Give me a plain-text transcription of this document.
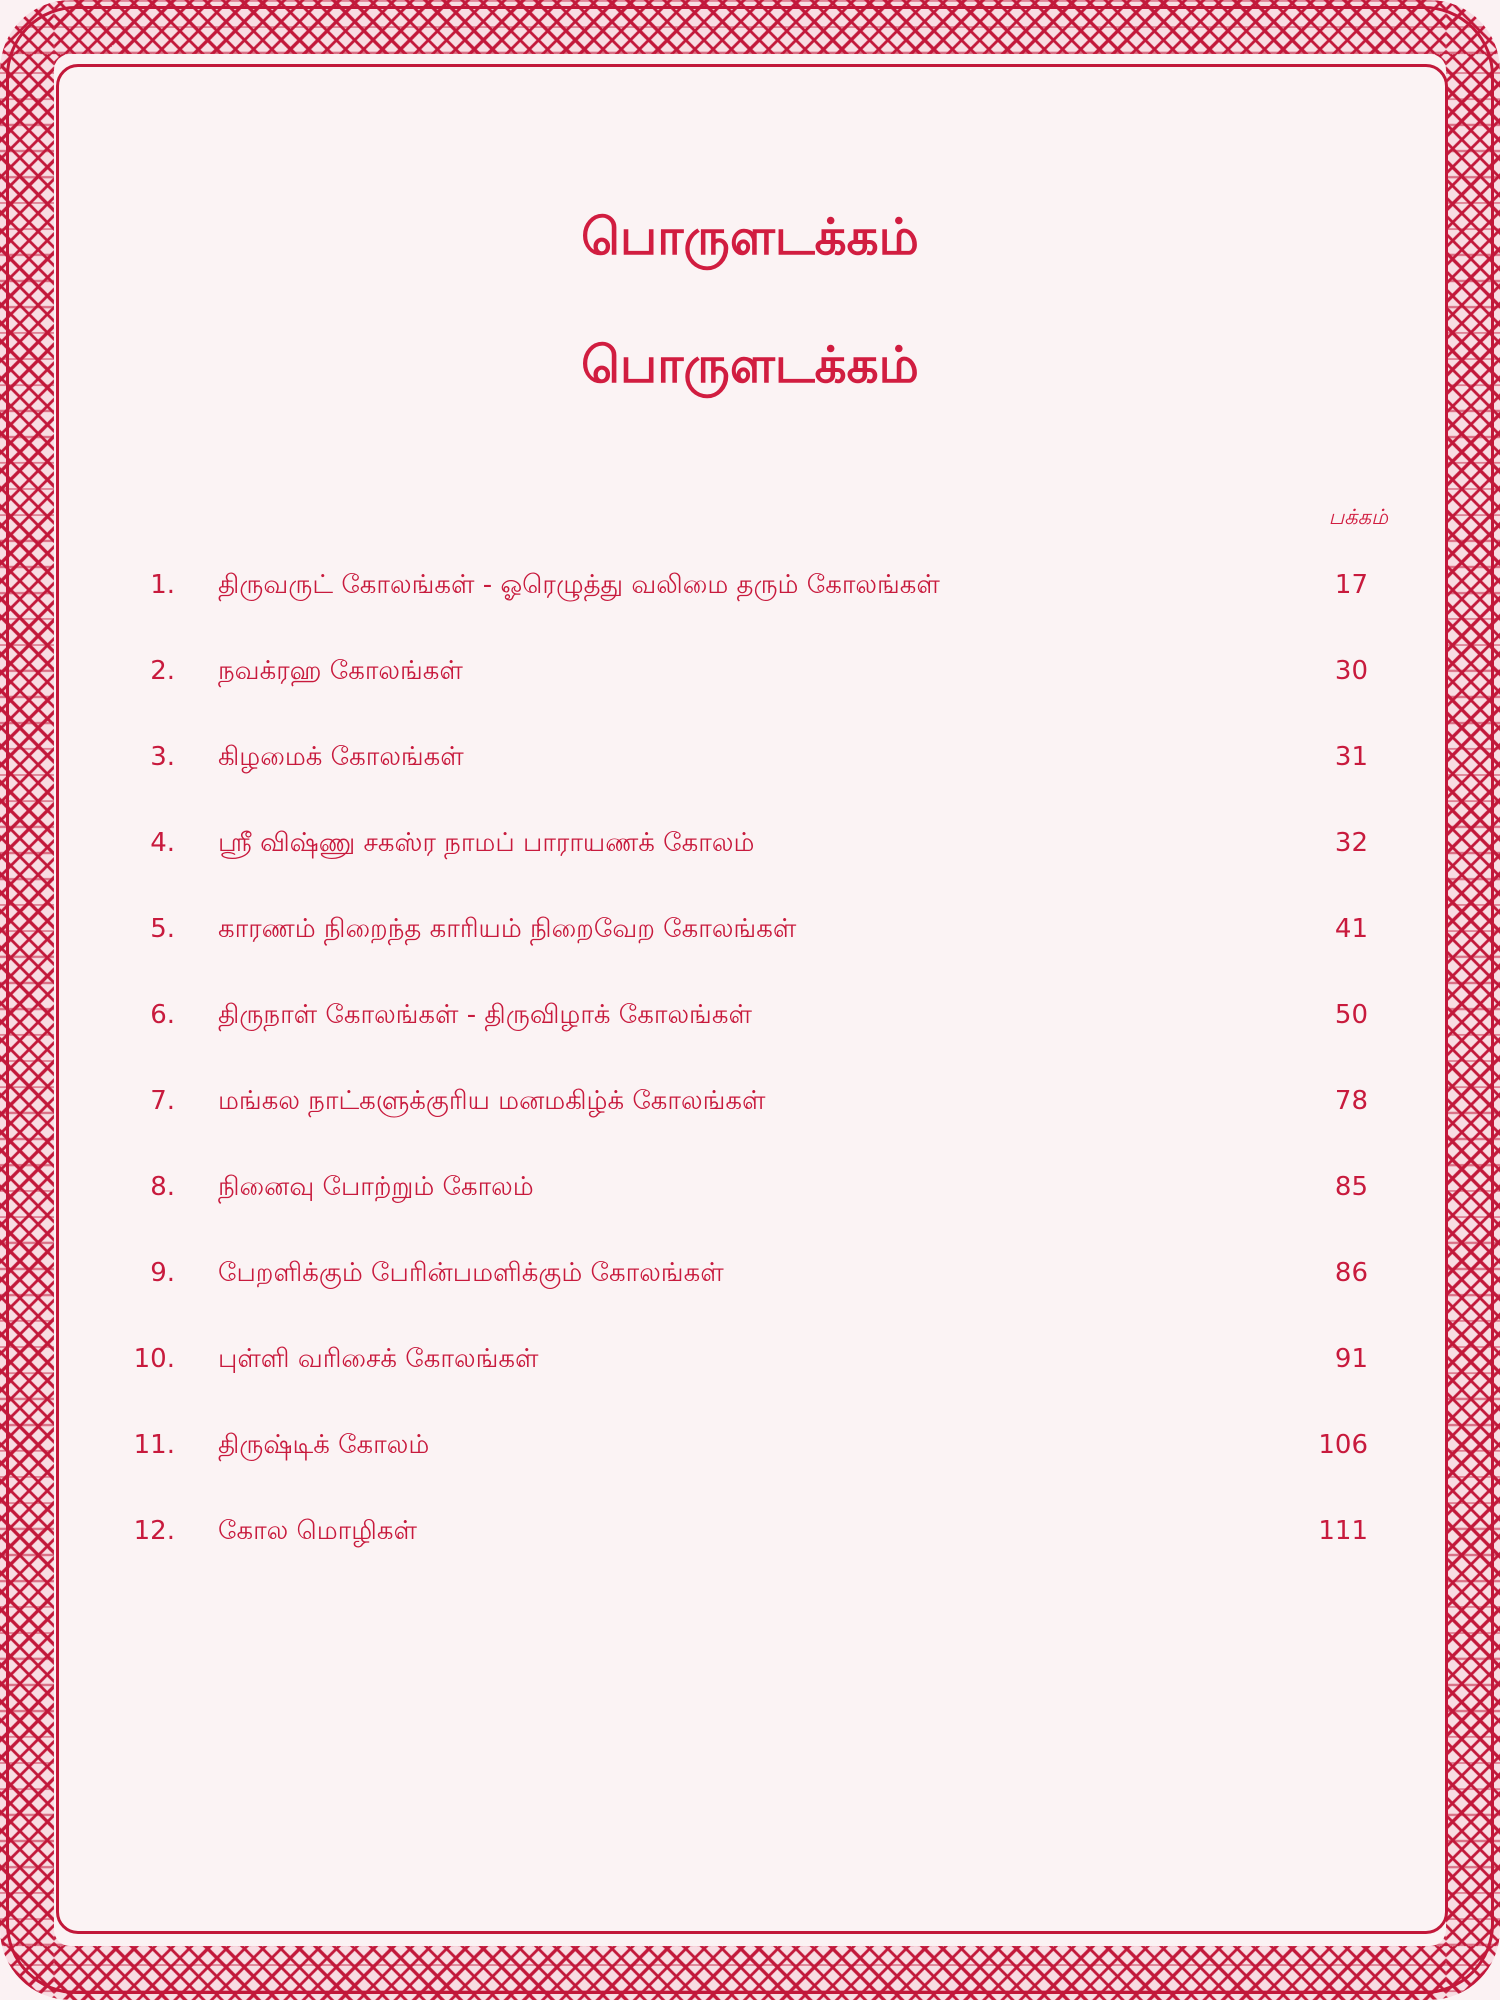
பொருளடக்கம்
பொருளடக்கம்
பக்கம்
1. திருவருட் கோலங்கள் - ஓரெழுத்து வலிமை தரும் கோலங்கள்	17
2. நவக்ரஹ கோலங்கள்	30
3. கிழமைக் கோலங்கள்	31
4. ஸ்ரீ விஷ்ணு சகஸ்ர நாமப் பாராயணக் கோலம்	32
5. காரணம் நிறைந்த காரியம் நிறைவேற கோலங்கள்	41
6. திருநாள் கோலங்கள் - திருவிழாக் கோலங்கள்	50
7. மங்கல நாட்களுக்குரிய மனமகிழ்க் கோலங்கள்	78
8. நினைவு போற்றும் கோலம்	85
9. பேறளிக்கும் பேரின்பமளிக்கும் கோலங்கள்	86
10. புள்ளி வரிசைக் கோலங்கள்	91
11. திருஷ்டிக் கோலம்	106
12. கோல மொழிகள்	111
